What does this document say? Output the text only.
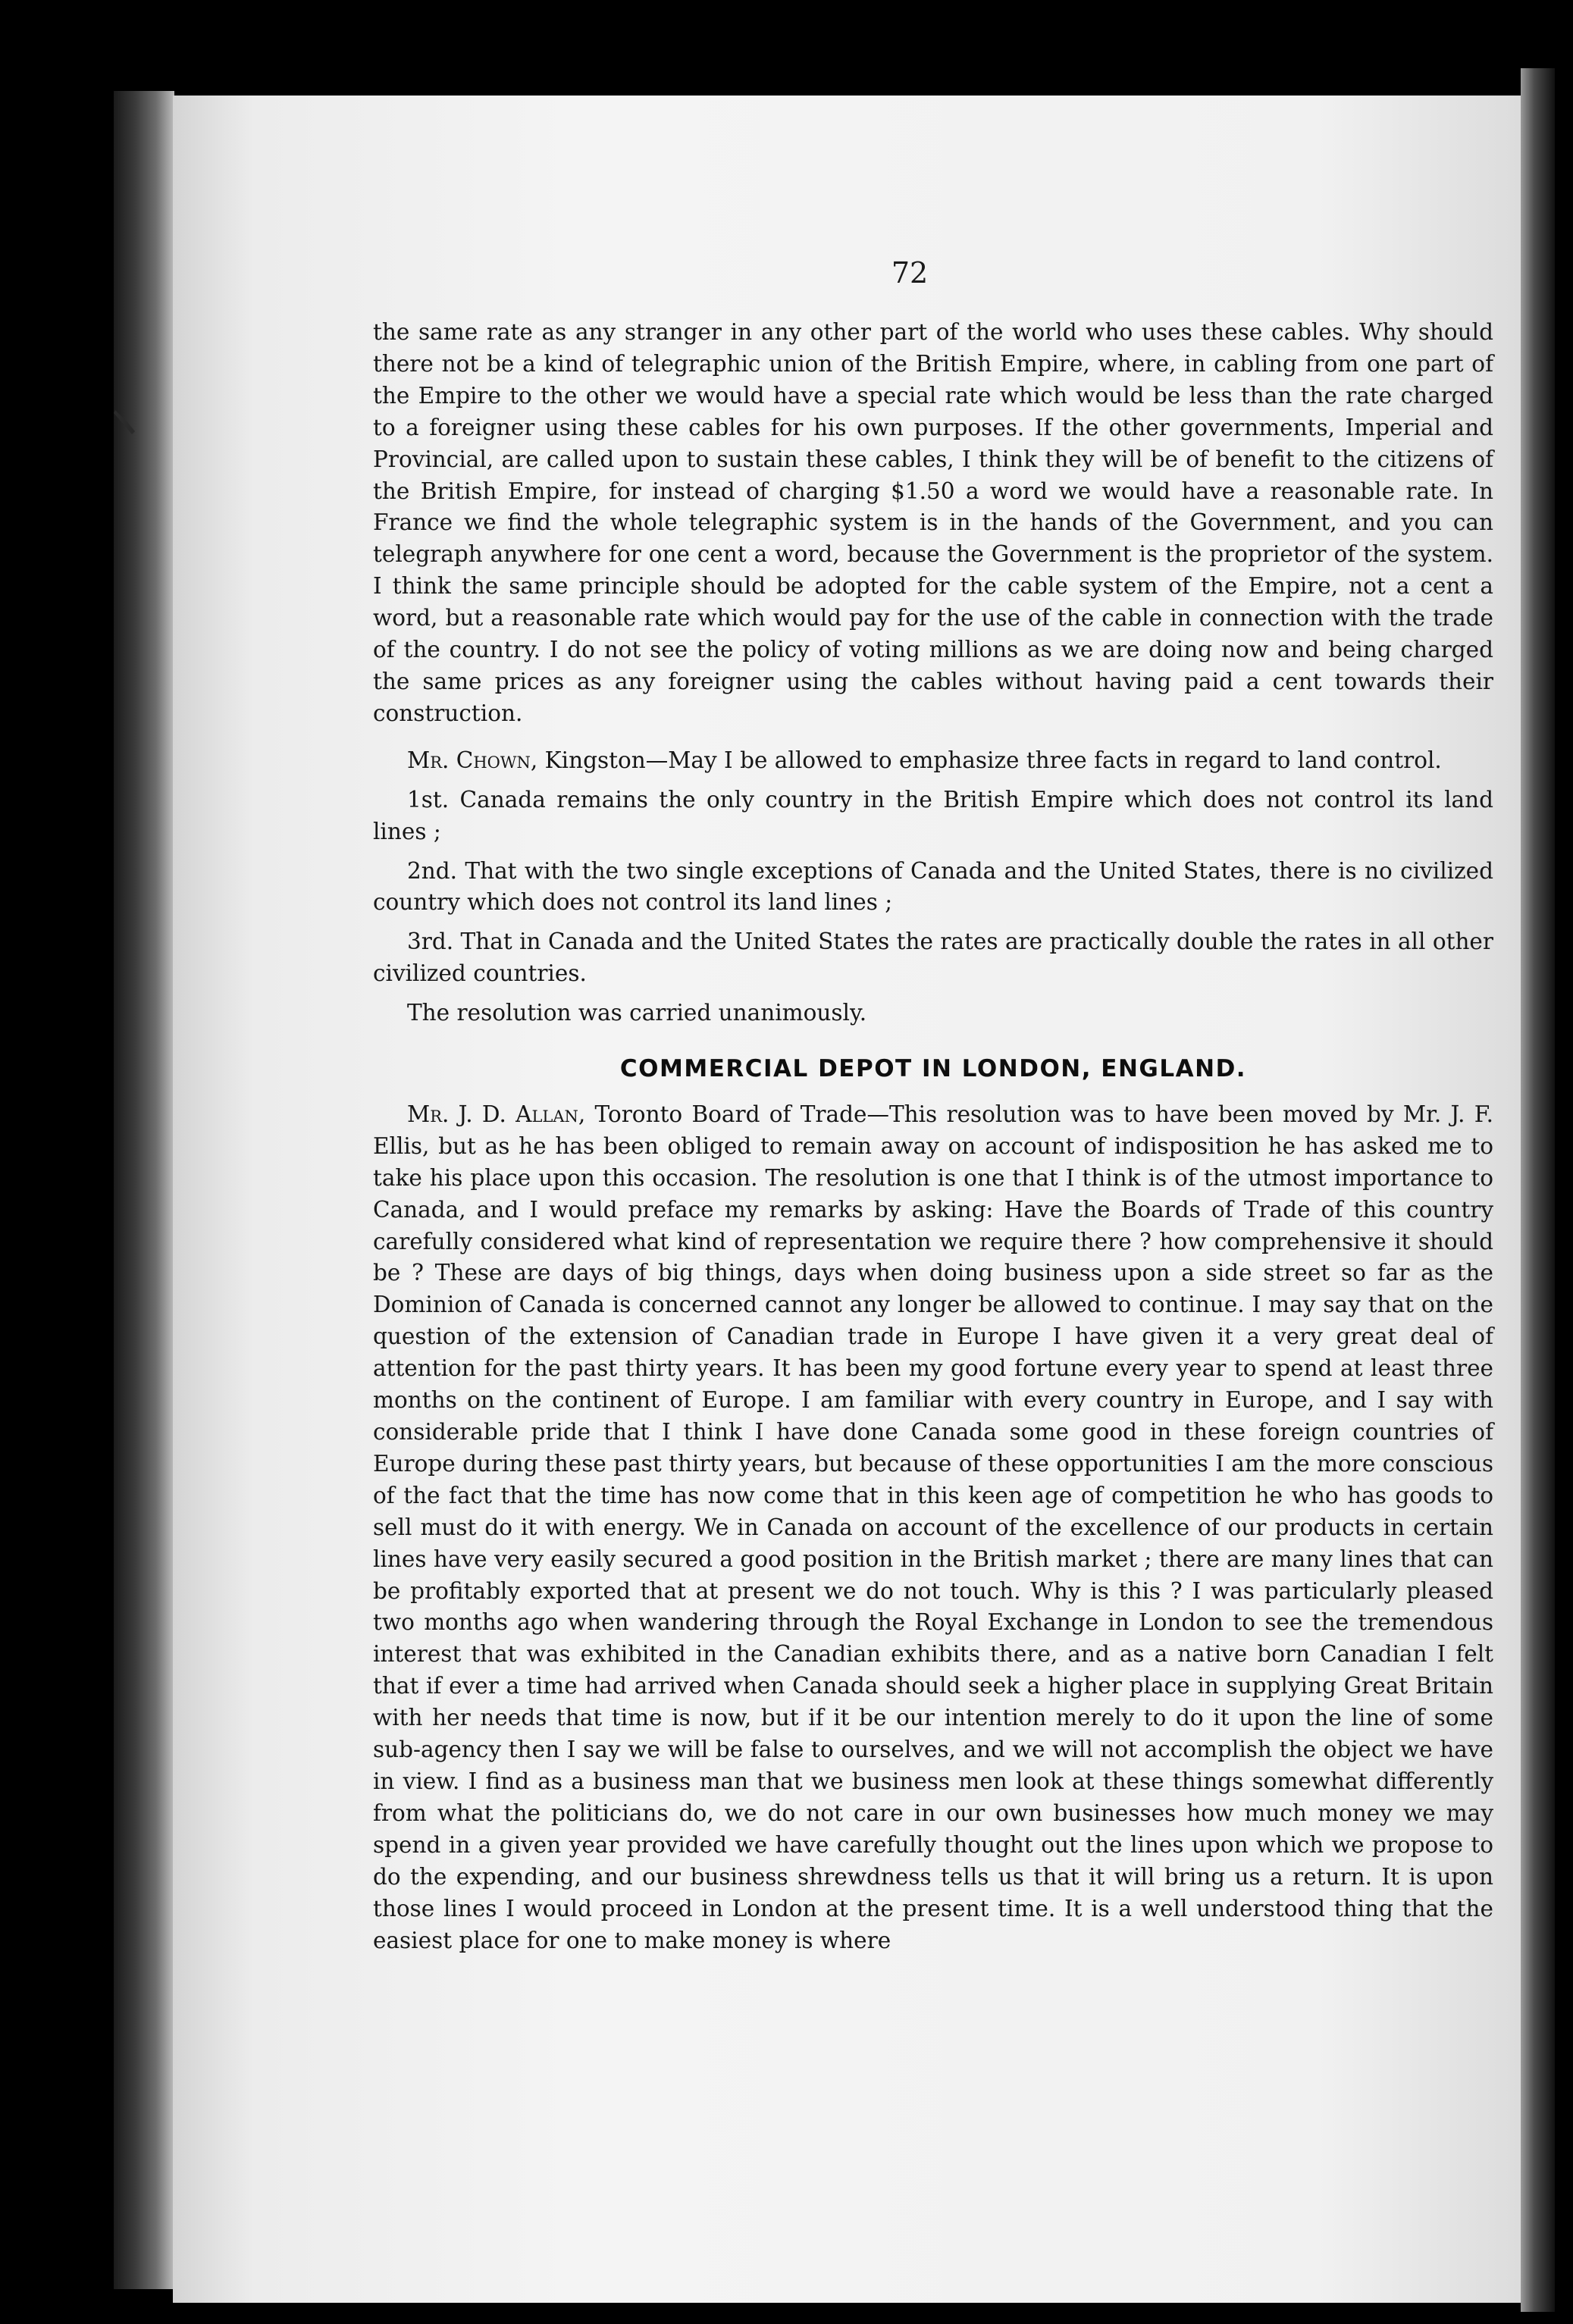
72

the same rate as any stranger in any other part of the world who uses these cables. Why should there not be a kind of telegraphic union of the British Empire, where, in cabling from one part of the Empire to the other we would have a special rate which would be less than the rate charged to a foreigner using these cables for his own purposes. If the other governments, Imperial and Provincial, are called upon to sustain these cables, I think they will be of benefit to the citizens of the British Empire, for instead of charging $1.50 a word we would have a reasonable rate. In France we find the whole telegraphic system is in the hands of the Government, and you can telegraph anywhere for one cent a word, because the Government is the proprietor of the system. I think the same principle should be adopted for the cable system of the Empire, not a cent a word, but a reasonable rate which would pay for the use of the cable in connection with the trade of the country. I do not see the policy of voting millions as we are doing now and being charged the same prices as any foreigner using the cables without having paid a cent towards their construction.

Mr. Chown, Kingston—May I be allowed to emphasize three facts in regard to land control.

1st. Canada remains the only country in the British Empire which does not control its land lines ;

2nd. That with the two single exceptions of Canada and the United States, there is no civilized country which does not control its land lines ;

3rd. That in Canada and the United States the rates are practically double the rates in all other civilized countries.

The resolution was carried unanimously.

COMMERCIAL DEPOT IN LONDON, ENGLAND.

Mr. J. D. Allan, Toronto Board of Trade—This resolution was to have been moved by Mr. J. F. Ellis, but as he has been obliged to remain away on account of indisposition he has asked me to take his place upon this occasion. The resolution is one that I think is of the utmost importance to Canada, and I would preface my remarks by asking: Have the Boards of Trade of this country carefully considered what kind of representation we require there ? how comprehensive it should be ? These are days of big things, days when doing business upon a side street so far as the Dominion of Canada is concerned cannot any longer be allowed to continue. I may say that on the question of the extension of Canadian trade in Europe I have given it a very great deal of attention for the past thirty years. It has been my good fortune every year to spend at least three months on the continent of Europe. I am familiar with every country in Europe, and I say with considerable pride that I think I have done Canada some good in these foreign countries of Europe during these past thirty years, but because of these opportunities I am the more conscious of the fact that the time has now come that in this keen age of competition he who has goods to sell must do it with energy. We in Canada on account of the excellence of our products in certain lines have very easily secured a good position in the British market ; there are many lines that can be profitably exported that at present we do not touch. Why is this ? I was particularly pleased two months ago when wandering through the Royal Exchange in London to see the tremendous interest that was exhibited in the Canadian exhibits there, and as a native born Canadian I felt that if ever a time had arrived when Canada should seek a higher place in supplying Great Britain with her needs that time is now, but if it be our intention merely to do it upon the line of some sub-agency then I say we will be false to ourselves, and we will not accomplish the object we have in view. I find as a business man that we business men look at these things somewhat differently from what the politicians do, we do not care in our own businesses how much money we may spend in a given year provided we have carefully thought out the lines upon which we propose to do the expending, and our business shrewdness tells us that it will bring us a return. It is upon those lines I would proceed in London at the present time. It is a well understood thing that the easiest place for one to make money is where
